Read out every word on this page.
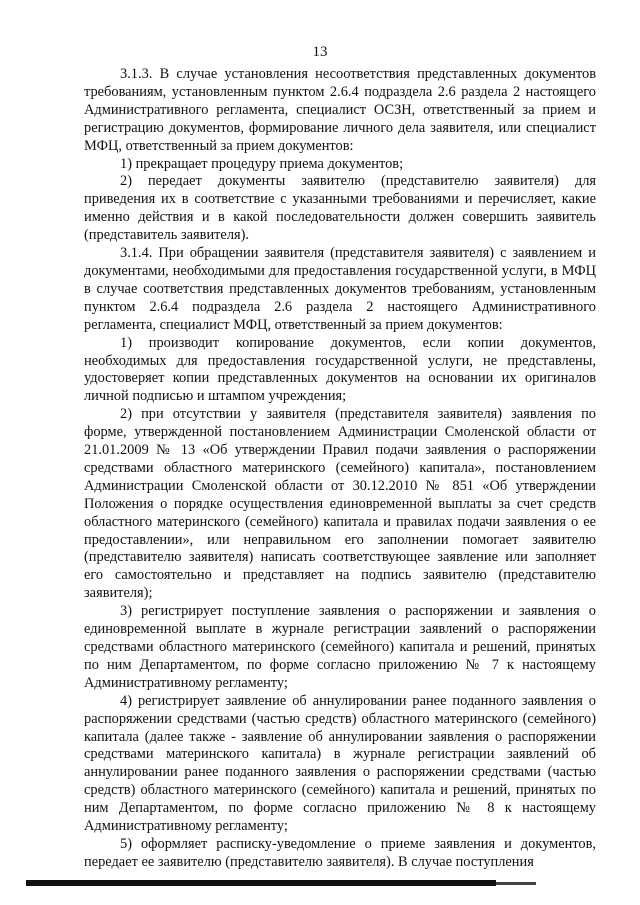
13

3.1.3. В случае установления несоответствия представленных документов требованиям, установленным пунктом 2.6.4 подраздела 2.6 раздела 2 настоящего Административного регламента, специалист ОСЗН, ответственный за прием и регистрацию документов, формирование личного дела заявителя, или специалист МФЦ, ответственный за прием документов:

1) прекращает процедуру приема документов;

2) передает документы заявителю (представителю заявителя) для приведения их в соответствие с указанными требованиями и перечисляет, какие именно действия и в какой последовательности должен совершить заявитель (представитель заявителя).

3.1.4. При обращении заявителя (представителя заявителя) с заявлением и документами, необходимыми для предоставления государственной услуги, в МФЦ в случае соответствия представленных документов требованиям, установленным пунктом 2.6.4 подраздела 2.6 раздела 2 настоящего Административного регламента, специалист МФЦ, ответственный за прием документов:

1) производит копирование документов, если копии документов, необходимых для предоставления государственной услуги, не представлены, удостоверяет копии представленных документов на основании их оригиналов личной подписью и штампом учреждения;

2) при отсутствии у заявителя (представителя заявителя) заявления по форме, утвержденной постановлением Администрации Смоленской области от 21.01.2009 № 13 «Об утверждении Правил подачи заявления о распоряжении средствами областного материнского (семейного) капитала», постановлением Администрации Смоленской области от 30.12.2010 № 851 «Об утверждении Положения о порядке осуществления единовременной выплаты за счет средств областного материнского (семейного) капитала и правилах подачи заявления о ее предоставлении», или неправильном его заполнении помогает заявителю (представителю заявителя) написать соответствующее заявление или заполняет его самостоятельно и представляет на подпись заявителю (представителю заявителя);

3) регистрирует поступление заявления о распоряжении и заявления о единовременной выплате в журнале регистрации заявлений о распоряжении средствами областного материнского (семейного) капитала и решений, принятых по ним Департаментом, по форме согласно приложению № 7 к настоящему Административному регламенту;

4) регистрирует заявление об аннулировании ранее поданного заявления о распоряжении средствами (частью средств) областного материнского (семейного) капитала (далее также - заявление об аннулировании заявления о распоряжении средствами материнского капитала) в журнале регистрации заявлений об аннулировании ранее поданного заявления о распоряжении средствами (частью средств) областного материнского (семейного) капитала и решений, принятых по ним Департаментом, по форме согласно приложению № 8 к настоящему Административному регламенту;

5) оформляет расписку-уведомление о приеме заявления и документов, передает ее заявителю (представителю заявителя). В случае поступления
